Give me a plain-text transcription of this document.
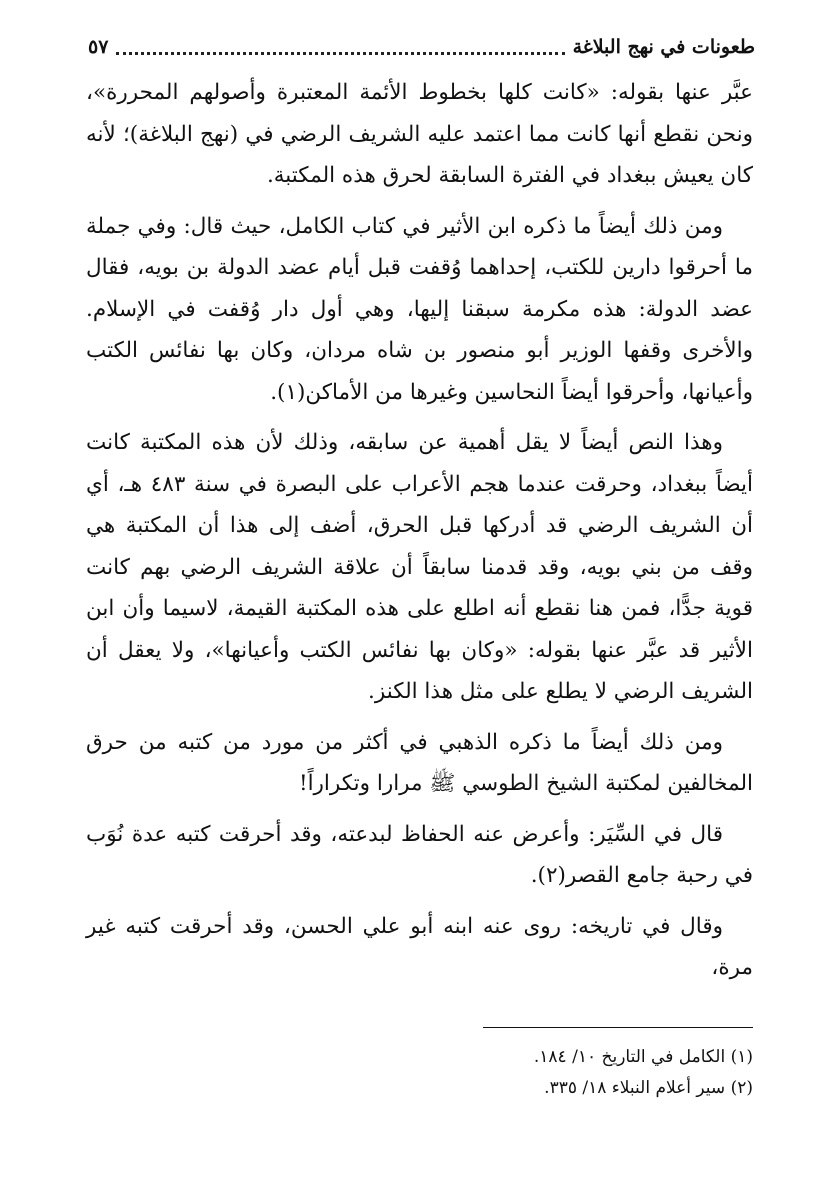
طعونات في نهج البلاغة
٥٧

عبَّر عنها بقوله: «كانت كلها بخطوط الأئمة المعتبرة وأصولهم المحررة»، ونحن نقطع أنها كانت مما اعتمد عليه الشريف الرضي في (نهج البلاغة)؛ لأنه كان يعيش ببغداد في الفترة السابقة لحرق هذه المكتبة.

ومن ذلك أيضاً ما ذكره ابن الأثير في كتاب الكامل، حيث قال: وفي جملة ما أحرقوا دارين للكتب، إحداهما وُقفت قبل أيام عضد الدولة بن بويه، فقال عضد الدولة: هذه مكرمة سبقنا إليها، وهي أول دار وُقفت في الإسلام. والأخرى وقفها الوزير أبو منصور بن شاه مردان، وكان بها نفائس الكتب وأعيانها، وأحرقوا أيضاً النحاسين وغيرها من الأماكن(١).

وهذا النص أيضاً لا يقل أهمية عن سابقه، وذلك لأن هذه المكتبة كانت أيضاً ببغداد، وحرقت عندما هجم الأعراب على البصرة في سنة ٤٨٣ هـ، أي أن الشريف الرضي قد أدركها قبل الحرق، أضف إلى هذا أن المكتبة هي وقف من بني بويه، وقد قدمنا سابقاً أن علاقة الشريف الرضي بهم كانت قوية جدًّا، فمن هنا نقطع أنه اطلع على هذه المكتبة القيمة، لاسيما وأن ابن الأثير قد عبَّر عنها بقوله: «وكان بها نفائس الكتب وأعيانها»، ولا يعقل أن الشريف الرضي لا يطلع على مثل هذا الكنز.

ومن ذلك أيضاً ما ذكره الذهبي في أكثر من مورد من كتبه من حرق المخالفين لمكتبة الشيخ الطوسي ﷺ مرارا وتكراراً!

قال في السِّيَر: وأعرض عنه الحفاظ لبدعته، وقد أحرقت كتبه عدة نُوَب في رحبة جامع القصر(٢).

وقال في تاريخه: روى عنه ابنه أبو علي الحسن، وقد أحرقت كتبه غير مرة،

(١) الكامل في التاريخ ١٠/ ١٨٤.
(٢) سير أعلام النبلاء ١٨/ ٣٣٥.
